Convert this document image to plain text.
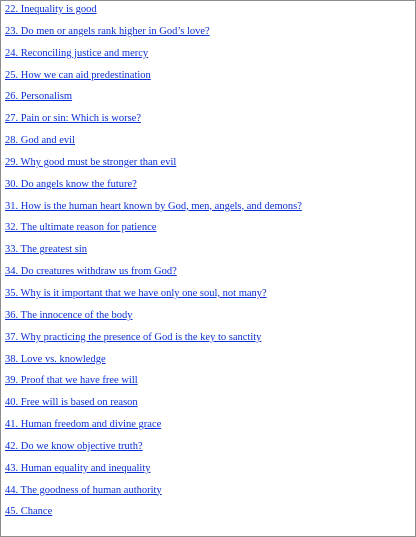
22. Inequality is good
23. Do men or angels rank higher in God’s love?
24. Reconciling justice and mercy
25. How we can aid predestination
26. Personalism
27. Pain or sin: Which is worse?
28. God and evil
29. Why good must be stronger than evil
30. Do angels know the future?
31. How is the human heart known by God, men, angels, and demons?
32. The ultimate reason for patience
33. The greatest sin
34. Do creatures withdraw us from God?
35. Why is it important that we have only one soul, not many?
36. The innocence of the body
37. Why practicing the presence of God is the key to sanctity
38. Love vs. knowledge
39. Proof that we have free will
40. Free will is based on reason
41. Human freedom and divine grace
42. Do we know objective truth?
43. Human equality and inequality
44. The goodness of human authority
45. Chance
